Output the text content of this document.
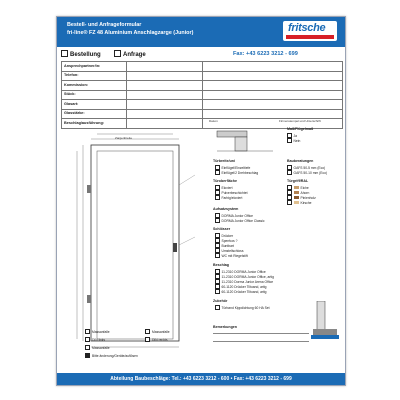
Bestell- und Anfrageformular
fri-line® FZ 48 Aluminium Anschlagzarge (Junior)	fritsche
Bestellung	Anfrage	Fax: +43 6223 3212 - 699
Ansprechpartner/in:
Telefon:
Kommission:
Stück:
Glasart:
Glasstärke:
Beschlag/ausführung:	Datum	Firmenstempel und Unterschrift
Zargenbreite
Maß/Flügelmaß
Ja
Nein
Türbreite/uni
Einflügel/Einzeltiefe
Einflügel/2 Drehbeschlag
Bauberatungen
GAFS 50-5 mm (Eco)
GAFS 50-10 mm (Eco)
Türoberfläche
Eloxiert
Pulverbeschichtet
Farbig/eloxiert
Türgriff/RAL
Eiche
Ahorn
Pinienholz
Kirsche
Aufsatzsystem
DORMA Junior Office
DORMA Junior Office Classic
Schlösser
Drücker
Sperrkos ?
Buntbart
Umstellschloss
WC mit Riegelstift
Beschlag
11-2310 DORMA Junior Office
11-2310 DORMA Junior Office, artig
11-2310 Dorma Junior Arena Office
60-1120 Drücker Tiltoand, artig
60-1120 Drücker Tiltoand, artig
Zubehör
Türband Kippdichtung 60 HA Set
Bemerkungen
Massanfalle	Massanfalle
DIN links	DIN rechts
Massanfalle
Bitte änderung/Geräte/auflösen
Abteilung Baubeschläge: Tel.: +43 6223 3212 - 600 • Fax: +43 6223 3212 - 699
